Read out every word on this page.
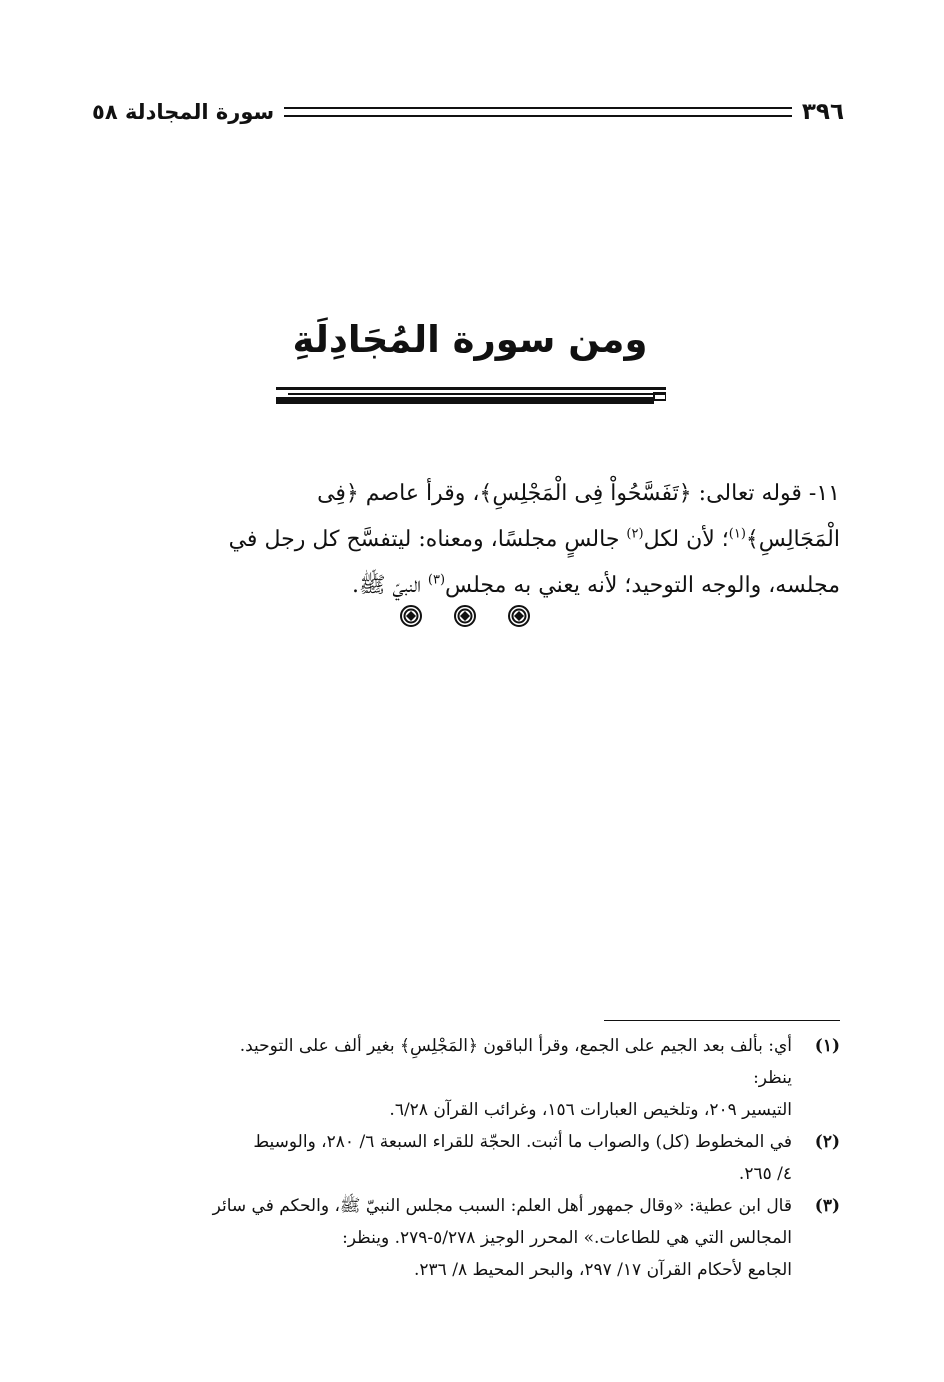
٣٩٦
سورة المجادلة ٥٨
ومن سورة المُجَادِلَةِ

١١- قوله تعالى: ﴿تَفَسَّحُواْ فِى الْمَجْلِسِ﴾، وقرأ عاصم ﴿فِى
الْمَجَالِسِ﴾$^{(١)}$؛ لأن لكل$^{(٢)}$ جالسٍ مجلسًا، ومعناه: ليتفسَّح كل رجل في
مجلسه، والوجه التوحيد؛ لأنه يعني به مجلس$^{(٣)}$ النبيّ ﷺ.

(١)
أي: بألف بعد الجيم على الجمع، وقرأ الباقون ﴿المَجْلِسِ﴾ بغير ألف على التوحيد.
ينظر:
التيسير ٢٠٩، وتلخيص العبارات ١٥٦، وغرائب القرآن ٦/٢٨.
(٢)
في المخطوط (كل) والصواب ما أثبت. الحجّة للقراء السبعة ٦/ ٢٨٠، والوسيط
٤/ ٢٦٥.
(٣)
قال ابن عطية: «وقال جمهور أهل العلم: السبب مجلس النبيّ ﷺ، والحكم في سائر
المجالس التي هي للطاعات.» المحرر الوجيز ٥/٢٧٨-٢٧٩. وينظر:
الجامع لأحكام القرآن ١٧/ ٢٩٧، والبحر المحيط ٨/ ٢٣٦.
